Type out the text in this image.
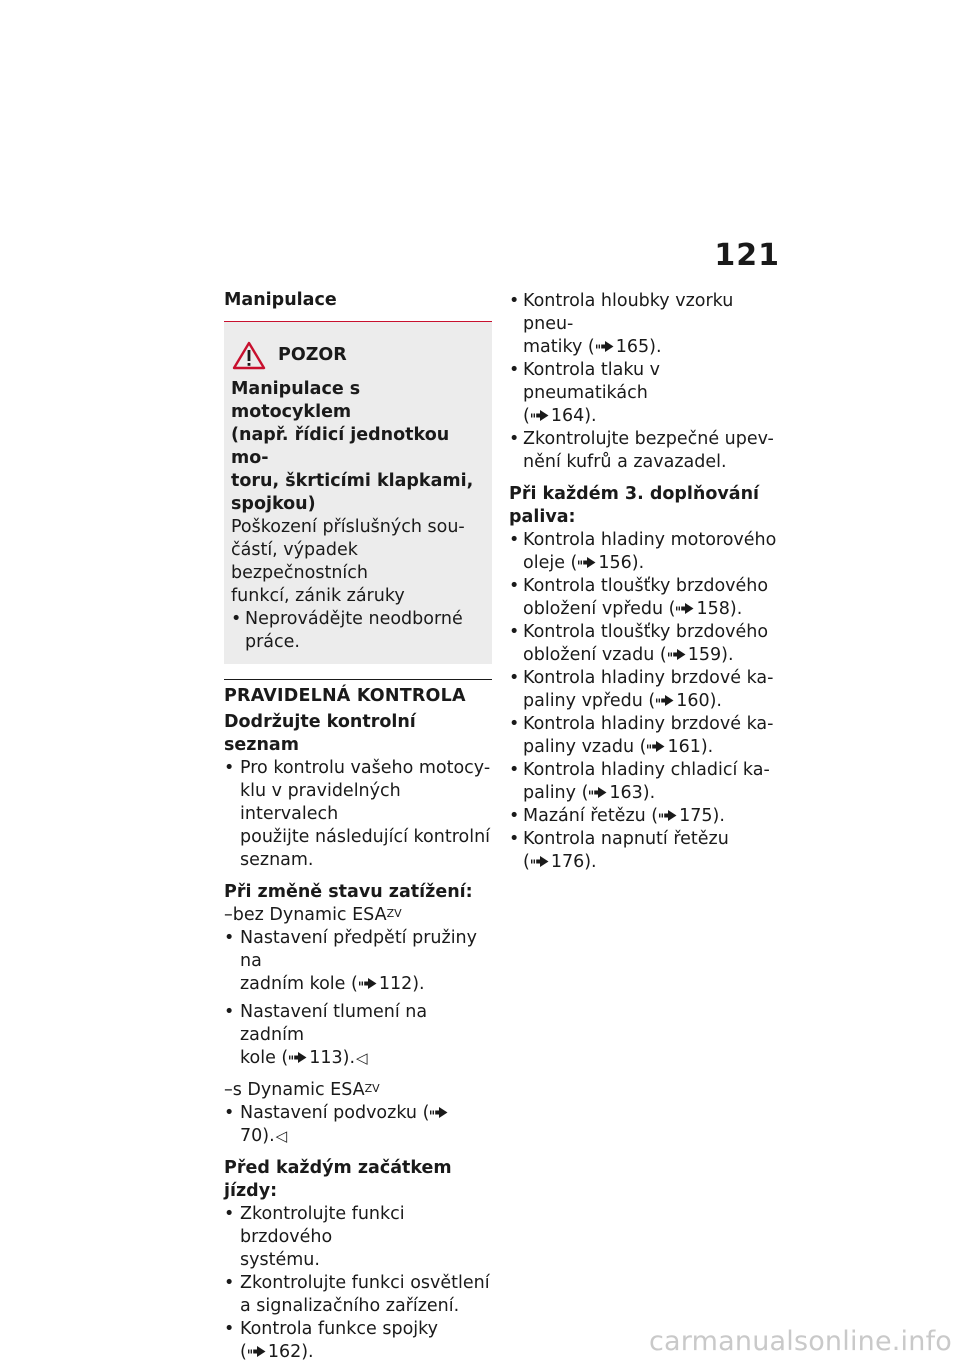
121
Manipulace
POZOR
Manipulace s motocyklem
(např. řídicí jednotkou mo-
toru, škrticími klapkami,
spojkou)
Poškození příslušných sou-
částí, výpadek bezpečnostních
funkcí, zánik záruky
• Neprovádějte neodborné
práce.
PRAVIDELNÁ KONTROLA
Dodržujte kontrolní seznam
• Pro kontrolu vašeho motocy-
klu v pravidelných intervalech
použijte následující kontrolní
seznam.
Při změně stavu zatížení:
–bez Dynamic $ESA^{ZV}$
• Nastavení předpětí pružiny na
zadním kole ( 112).
• Nastavení tlumení na zadním
kole ( 113).◁
–s Dynamic $ESA^{ZV}$
• Nastavení podvozku (70).◁
Před každým začátkem jízdy:
• Zkontrolujte funkci brzdového
systému.
• Zkontrolujte funkci osvětlení
a signalizačního zařízení.
• Kontrola funkce spojky
( 162).
• Kontrola hloubky vzorku pneu-
matiky ( 165).
• Kontrola tlaku v pneumatikách
( 164).
• Zkontrolujte bezpečné upev-
nění kufrů a zavazadel.
Při každém 3. doplňování
paliva:
• Kontrola hladiny motorového
oleje ( 156).
• Kontrola tloušťky brzdového
obložení vpředu ( 158).
• Kontrola tloušťky brzdového
obložení vzadu ( 159).
• Kontrola hladiny brzdové ka-
paliny vpředu ( 160).
• Kontrola hladiny brzdové ka-
paliny vzadu ( 161).
• Kontrola hladiny chladicí ka-
paliny ( 163).
• Mazání řetězu ( 175).
• Kontrola napnutí řetězu
( 176).
carmanualsonline.info
